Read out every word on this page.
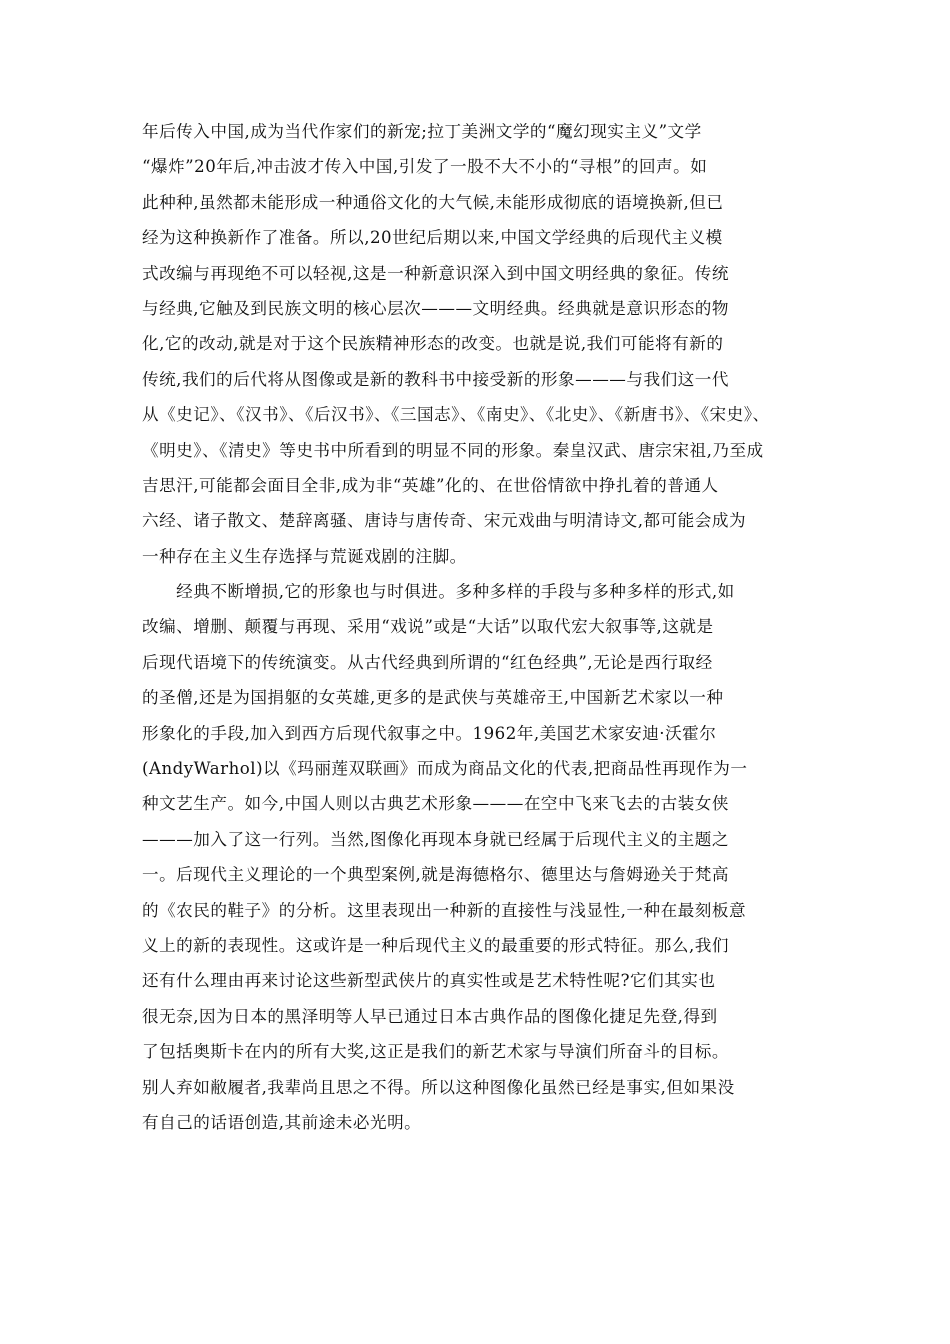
年后传入中国,成为当代作家们的新宠;拉丁美洲文学的“魔幻现实主义”文学
“爆炸”20年后,冲击波才传入中国,引发了一股不大不小的“寻根”的回声。如
此种种,虽然都未能形成一种通俗文化的大气候,未能形成彻底的语境换新,但已
经为这种换新作了准备。所以,20世纪后期以来,中国文学经典的后现代主义模
式改编与再现绝不可以轻视,这是一种新意识深入到中国文明经典的象征。传统
与经典,它触及到民族文明的核心层次———文明经典。经典就是意识形态的物
化,它的改动,就是对于这个民族精神形态的改变。也就是说,我们可能将有新的
传统,我们的后代将从图像或是新的教科书中接受新的形象———与我们这一代
从《史记》、《汉书》、《后汉书》、《三国志》、《南史》、《北史》、《新唐书》、《宋史》、
《明史》、《清史》等史书中所看到的明显不同的形象。秦皇汉武、唐宗宋祖,乃至成
吉思汗,可能都会面目全非,成为非“英雄”化的、在世俗情欲中挣扎着的普通人
六经、诸子散文、楚辞离骚、唐诗与唐传奇、宋元戏曲与明清诗文,都可能会成为
一种存在主义生存选择与荒诞戏剧的注脚。
　　经典不断增损,它的形象也与时俱进。多种多样的手段与多种多样的形式,如
改编、增删、颠覆与再现、采用“戏说”或是“大话”以取代宏大叙事等,这就是
后现代语境下的传统演变。从古代经典到所谓的“红色经典”,无论是西行取经
的圣僧,还是为国捐躯的女英雄,更多的是武侠与英雄帝王,中国新艺术家以一种
形象化的手段,加入到西方后现代叙事之中。1962年,美国艺术家安迪·沃霍尔
(AndyWarhol)以《玛丽莲双联画》而成为商品文化的代表,把商品性再现作为一
种文艺生产。如今,中国人则以古典艺术形象———在空中飞来飞去的古装女侠
———加入了这一行列。当然,图像化再现本身就已经属于后现代主义的主题之
一。后现代主义理论的一个典型案例,就是海德格尔、德里达与詹姆逊关于梵高
的《农民的鞋子》的分析。这里表现出一种新的直接性与浅显性,一种在最刻板意
义上的新的表现性。这或许是一种后现代主义的最重要的形式特征。那么,我们
还有什么理由再来讨论这些新型武侠片的真实性或是艺术特性呢?它们其实也
很无奈,因为日本的黑泽明等人早已通过日本古典作品的图像化捷足先登,得到
了包括奥斯卡在内的所有大奖,这正是我们的新艺术家与导演们所奋斗的目标。
别人弃如敝履者,我辈尚且思之不得。所以这种图像化虽然已经是事实,但如果没
有自己的话语创造,其前途未必光明。
